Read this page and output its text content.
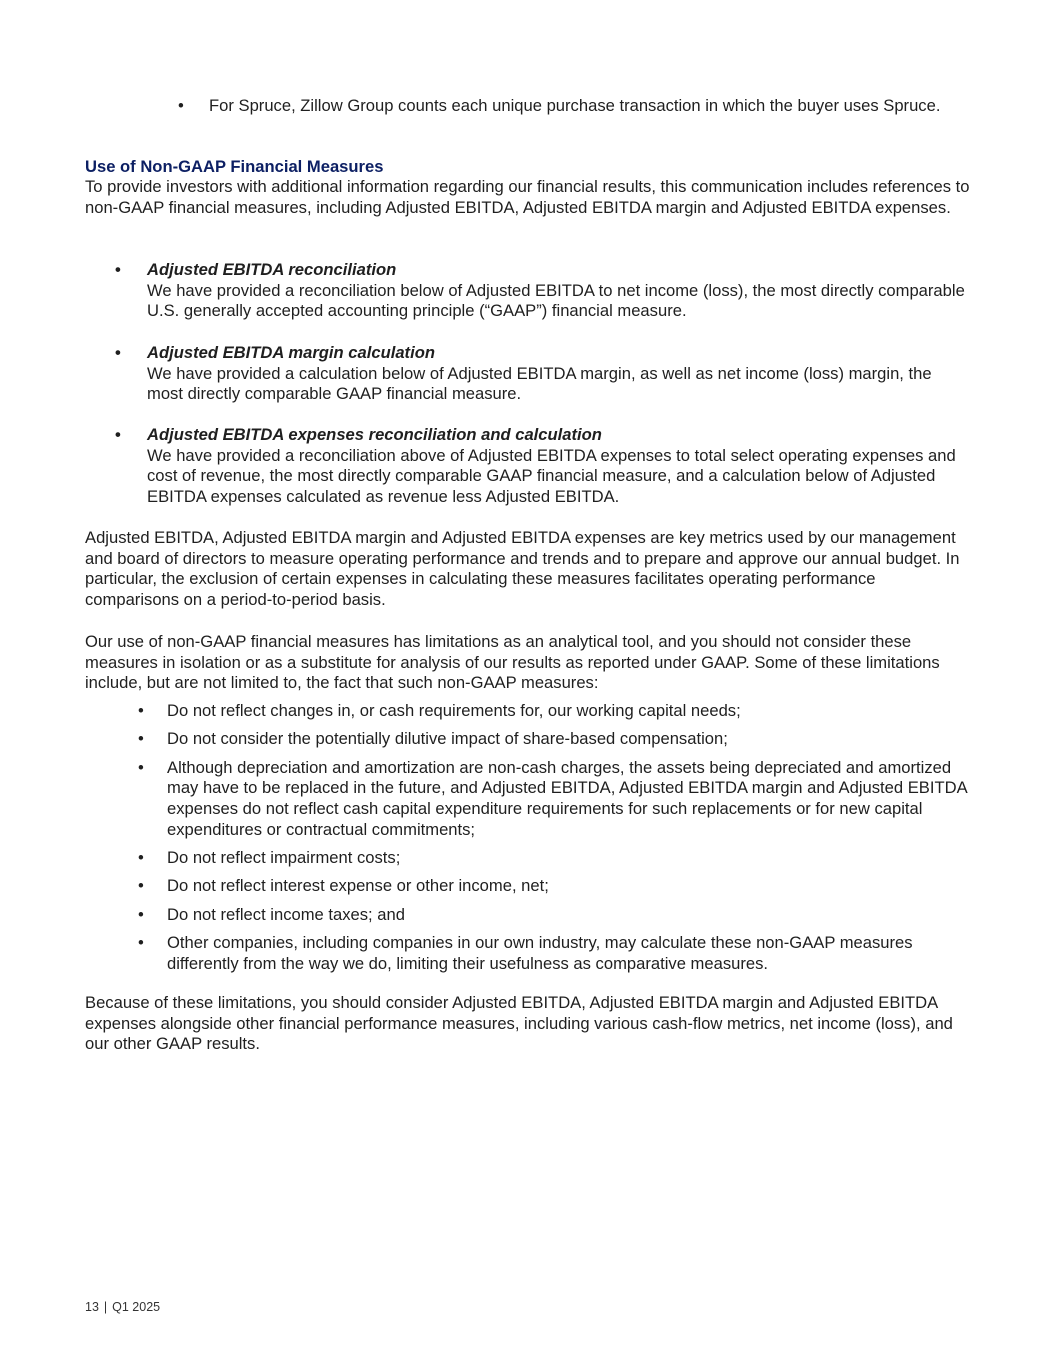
• For Spruce, Zillow Group counts each unique purchase transaction in which the buyer uses Spruce.

Use of Non-GAAP Financial Measures

To provide investors with additional information regarding our financial results, this communication includes references to non-GAAP financial measures, including Adjusted EBITDA, Adjusted EBITDA margin and Adjusted EBITDA expenses.

• Adjusted EBITDA reconciliation

We have provided a reconciliation below of Adjusted EBITDA to net income (loss), the most directly comparable U.S. generally accepted accounting principle (“GAAP”) financial measure.

• Adjusted EBITDA margin calculation

We have provided a calculation below of Adjusted EBITDA margin, as well as net income (loss) margin, the most directly comparable GAAP financial measure.

• Adjusted EBITDA expenses reconciliation and calculation

We have provided a reconciliation above of Adjusted EBITDA expenses to total select operating expenses and cost of revenue, the most directly comparable GAAP financial measure, and a calculation below of Adjusted EBITDA expenses calculated as revenue less Adjusted EBITDA.

Adjusted EBITDA, Adjusted EBITDA margin and Adjusted EBITDA expenses are key metrics used by our management and board of directors to measure operating performance and trends and to prepare and approve our annual budget. In particular, the exclusion of certain expenses in calculating these measures facilitates operating performance comparisons on a period-to-period basis.

Our use of non-GAAP financial measures has limitations as an analytical tool, and you should not consider these measures in isolation or as a substitute for analysis of our results as reported under GAAP. Some of these limitations include, but are not limited to, the fact that such non-GAAP measures:

• Do not reflect changes in, or cash requirements for, our working capital needs;

• Do not consider the potentially dilutive impact of share-based compensation;

• Although depreciation and amortization are non-cash charges, the assets being depreciated and amortized may have to be replaced in the future, and Adjusted EBITDA, Adjusted EBITDA margin and Adjusted EBITDA expenses do not reflect cash capital expenditure requirements for such replacements or for new capital expenditures or contractual commitments;

• Do not reflect impairment costs;

• Do not reflect interest expense or other income, net;

• Do not reflect income taxes; and

• Other companies, including companies in our own industry, may calculate these non-GAAP measures differently from the way we do, limiting their usefulness as comparative measures.

Because of these limitations, you should consider Adjusted EBITDA, Adjusted EBITDA margin and Adjusted EBITDA expenses alongside other financial performance measures, including various cash-flow metrics, net income (loss), and our other GAAP results.

13 | Q1 2025
